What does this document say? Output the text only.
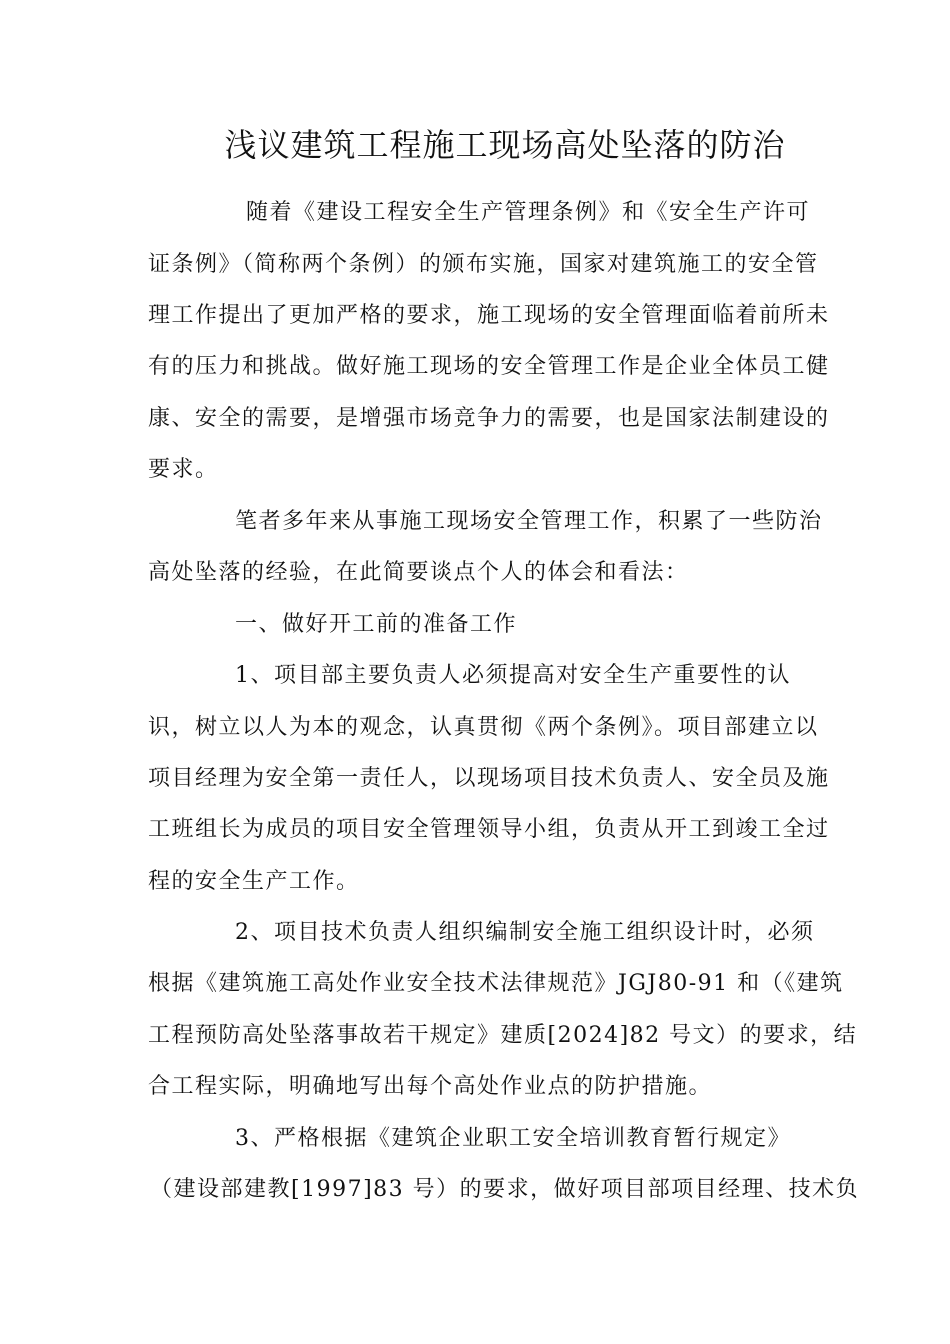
浅议建筑工程施工现场高处坠落的防治
随着《建设工程安全生产管理条例》和《安全生产许可
证条例》（简称两个条例）的颁布实施，国家对建筑施工的安全管
理工作提出了更加严格的要求，施工现场的安全管理面临着前所未
有的压力和挑战。做好施工现场的安全管理工作是企业全体员工健
康、安全的需要，是增强市场竞争力的需要，也是国家法制建设的
要求。
笔者多年来从事施工现场安全管理工作，积累了一些防治
高处坠落的经验，在此简要谈点个人的体会和看法：
一、做好开工前的准备工作
1、项目部主要负责人必须提高对安全生产重要性的认
识，树立以人为本的观念，认真贯彻《两个条例》。项目部建立以
项目经理为安全第一责任人，以现场项目技术负责人、安全员及施
工班组长为成员的项目安全管理领导小组，负责从开工到竣工全过
程的安全生产工作。
2、项目技术负责人组织编制安全施工组织设计时，必须
根据《建筑施工高处作业安全技术法律规范》JGJ80-91 和（《建筑
工程预防高处坠落事故若干规定》建质[2024]82 号文）的要求，结
合工程实际，明确地写出每个高处作业点的防护措施。
3、严格根据《建筑企业职工安全培训教育暂行规定》
（建设部建教[1997]83 号）的要求，做好项目部项目经理、技术负
